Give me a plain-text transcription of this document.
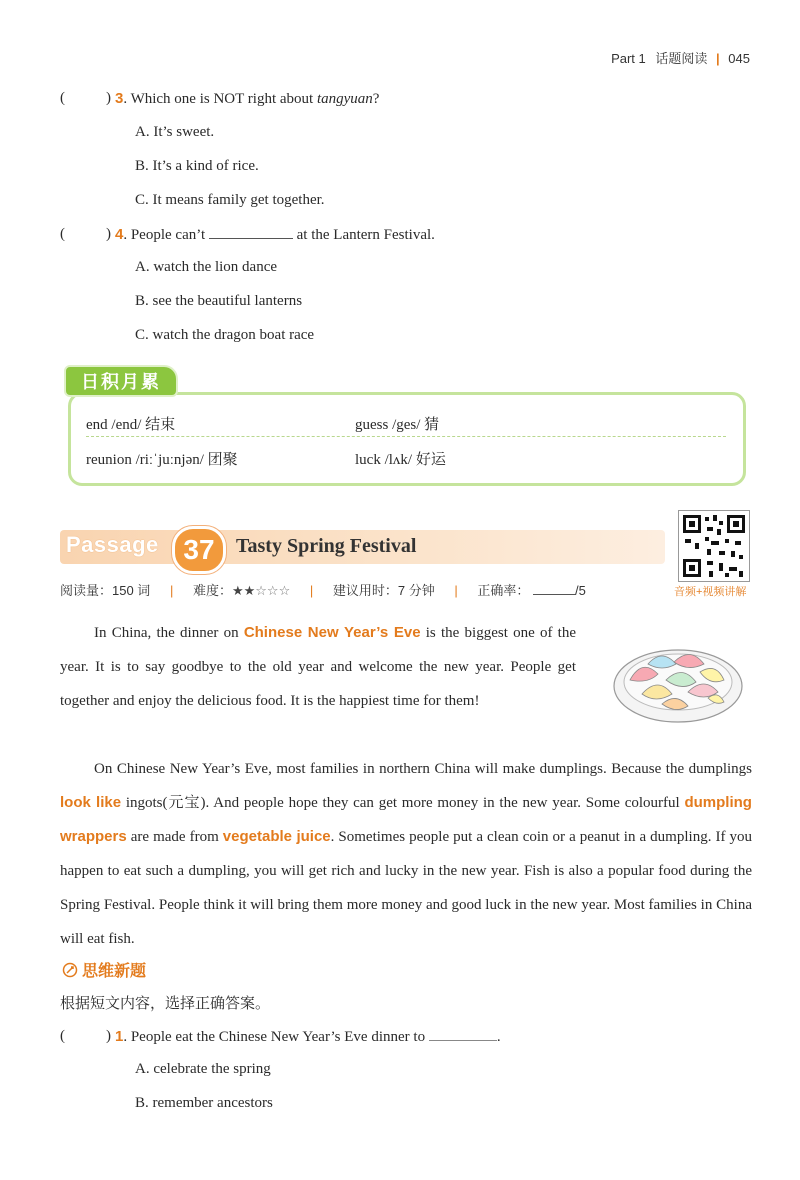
Part 1 话题阅读 | 045
(	) 3. Which one is NOT right about tangyuan?
A. It’s sweet.
B. It’s a kind of rice.
C. It means family get together.
(	) 4. People can’t	at the Lantern Festival.
A. watch the lion dance
B. see the beautiful lanterns
C. watch the dragon boat race
日积月累
end /end/ 结束	guess /ges/ 猜
reunion /riːˈjuːnjən/ 团聚	luck /lʌk/ 好运
Passage 37	Tasty Spring Festival
音频+视频讲解
阅读量：150 词 | 难度：★★☆☆☆ | 建议用时：7 分钟 | 正确率：	/5
In China, the dinner on Chinese New Year’s Eve is the biggest one of the year. It is to say goodbye to the old year and welcome the new year. People get together and enjoy the delicious food. It is the happiest time for them!
On Chinese New Year’s Eve, most families in northern China will make dumplings. Because the dumplings look like ingots(元宝). And people hope they can get more money in the new year. Some colourful dumpling wrappers are made from vegetable juice. Sometimes people put a clean coin or a peanut in a dumpling. If you happen to eat such a dumpling, you will get rich and lucky in the new year. Fish is also a popular food during the Spring Festival. People think it will bring them more money and good luck in the new year. Most families in China will eat fish.
思维新题
根据短文内容，选择正确答案。
(	) 1. People eat the Chinese New Year’s Eve dinner to	.
A. celebrate the spring
B. remember ancestors
